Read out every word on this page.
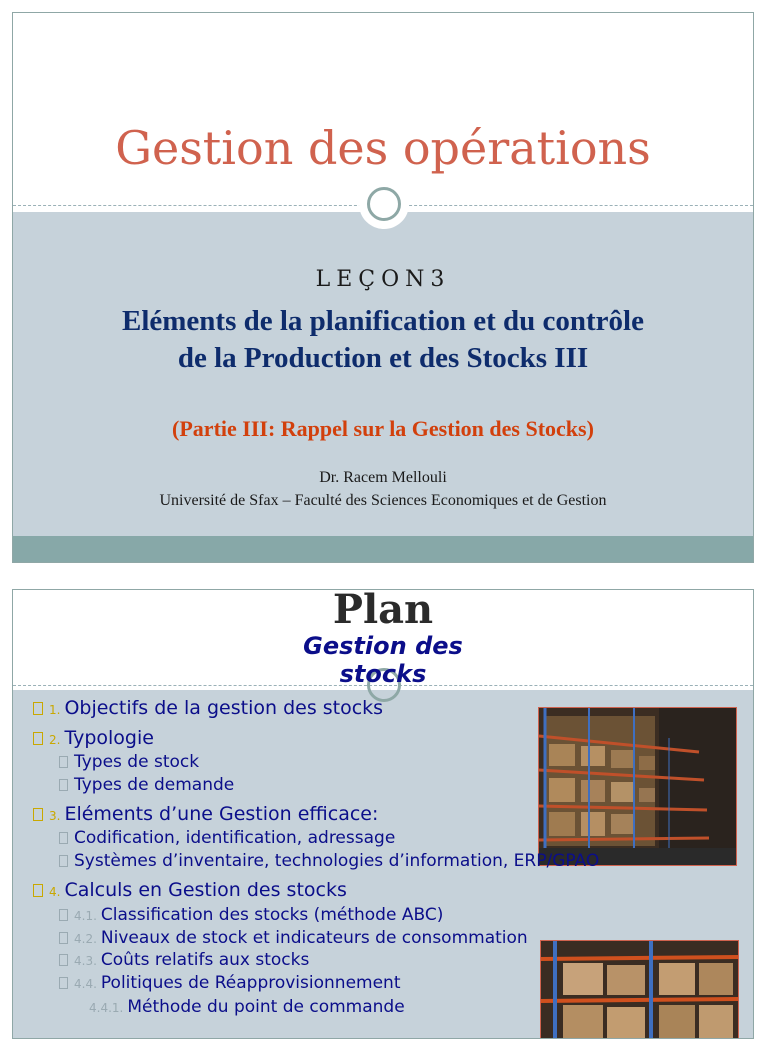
Gestion des opérations
LEÇON3
Eléments de la planification et du contrôle
de la Production et des Stocks III
(Partie III: Rappel sur la Gestion des Stocks)
Dr. Racem Mellouli
Université de Sfax – Faculté des Sciences Economiques et de Gestion
Plan
Gestion des
stocks
1. Objectifs de la gestion des stocks
2. Typologie
Types de stock
Types de demande
3. Eléments d’une Gestion efficace:
Codification, identification, adressage
Systèmes d’inventaire, technologies d’information, ERP/GPAO
4. Calculs en Gestion des stocks
4.1. Classification des stocks (méthode ABC)
4.2. Niveaux de stock et indicateurs de consommation
4.3. Coûts relatifs aux stocks
4.4. Politiques de Réapprovisionnement
4.4.1. Méthode du point de commande
